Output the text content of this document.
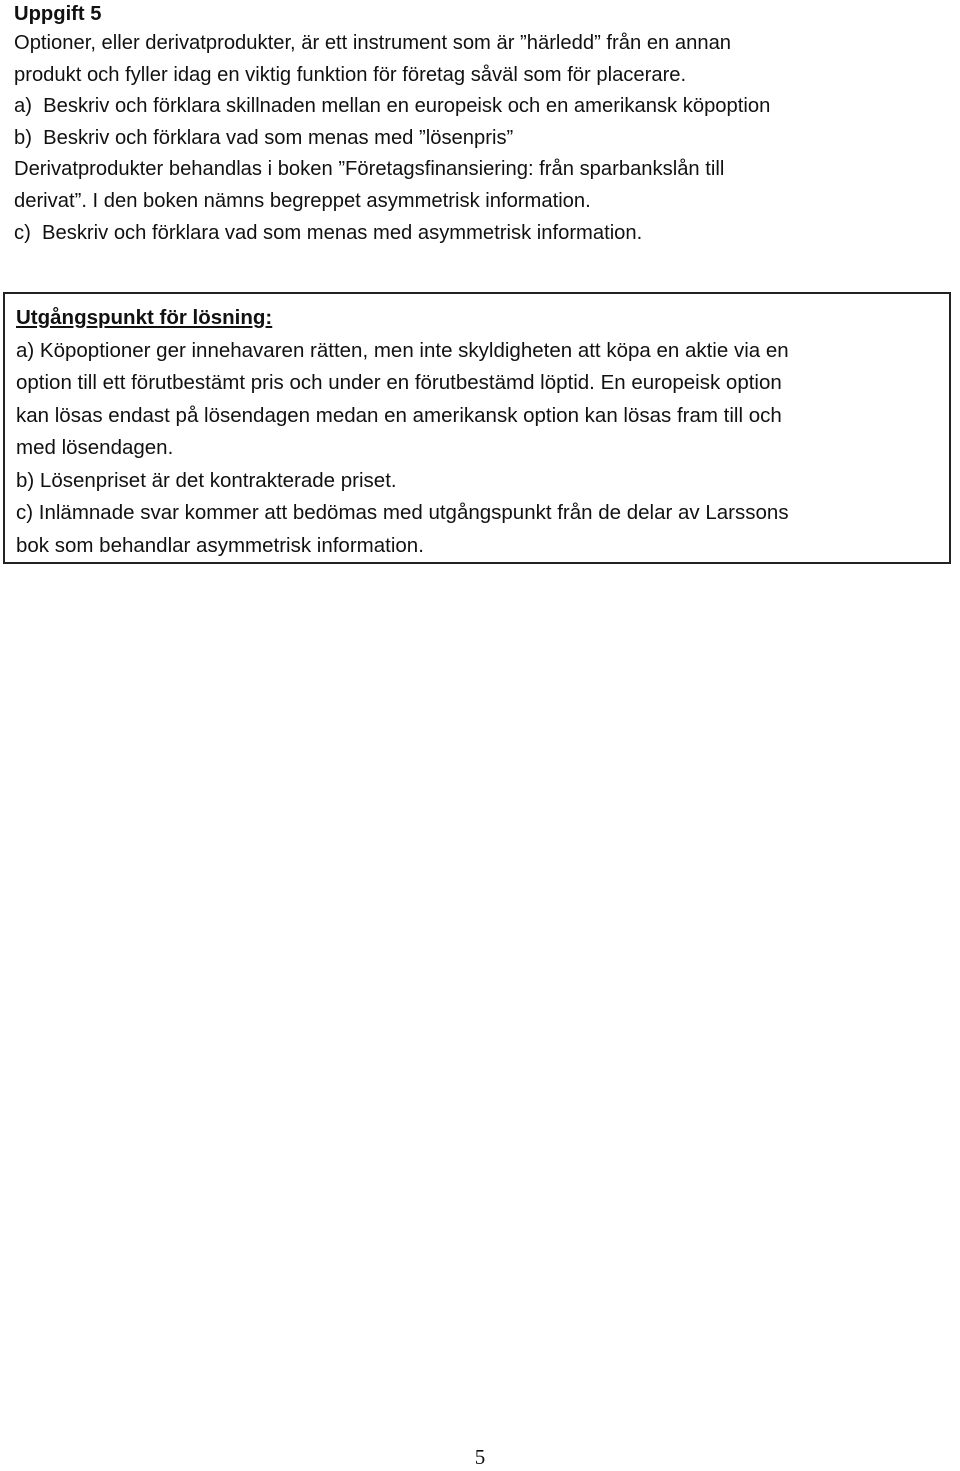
Uppgift 5

Optioner, eller derivatprodukter, är ett instrument som är ”härledd” från en annan
produkt och fyller idag en viktig funktion för företag såväl som för placerare.

a)  Beskriv och förklara skillnaden mellan en europeisk och en amerikansk köpoption

b)  Beskriv och förklara vad som menas med ”lösenpris”

Derivatprodukter behandlas i boken ”Företagsfinansiering: från sparbankslån till
derivat”. I den boken nämns begreppet asymmetrisk information.

c)  Beskriv och förklara vad som menas med asymmetrisk information.

Utgångspunkt för lösning:

a) Köpoptioner ger innehavaren rätten, men inte skyldigheten att köpa en aktie via en
option till ett förutbestämt pris och under en förutbestämd löptid. En europeisk option
kan lösas endast på lösendagen medan en amerikansk option kan lösas fram till och
med lösendagen.

b) Lösenpriset är det kontrakterade priset.

c) Inlämnade svar kommer att bedömas med utgångspunkt från de delar av Larssons
bok som behandlar asymmetrisk information.

5
